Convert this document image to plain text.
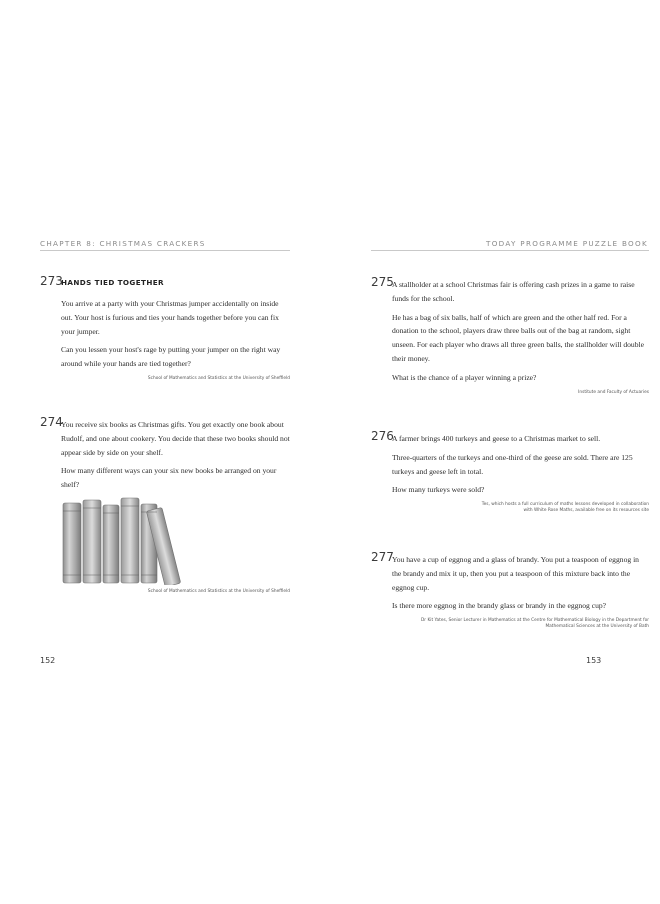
CHAPTER 8: CHRISTMAS CRACKERS
273
HANDS TIED TOGETHER

You arrive at a party with your Christmas jumper accidentally on inside out. Your host is furious and ties your hands together before you can fix your jumper.

Can you lessen your host's rage by putting your jumper on the right way around while your hands are tied together?

School of Mathematics and Statistics at the University of Sheffield
274

You receive six books as Christmas gifts. You get exactly one book about Rudolf, and one about cookery. You decide that these two books should not appear side by side on your shelf.

How many different ways can your six new books be arranged on your shelf?

School of Mathematics and Statistics at the University of Sheffield
152
TODAY PROGRAMME PUZZLE BOOK
275

A stallholder at a school Christmas fair is offering cash prizes in a game to raise funds for the school.

He has a bag of six balls, half of which are green and the other half red. For a donation to the school, players draw three balls out of the bag at random, sight unseen. For each player who draws all three green balls, the stallholder will double their money.

What is the chance of a player winning a prize?

Institute and Faculty of Actuaries
276

A farmer brings 400 turkeys and geese to a Christmas market to sell.

Three-quarters of the turkeys and one-third of the geese are sold. There are 125 turkeys and geese left in total.

How many turkeys were sold?

Tes, which hosts a full curriculum of maths lessons developed in collaboration
with White Rose Maths, available free on its resources site
277

You have a cup of eggnog and a glass of brandy. You put a teaspoon of eggnog in the brandy and mix it up, then you put a teaspoon of this mixture back into the eggnog cup.

Is there more eggnog in the brandy glass or brandy in the eggnog cup?

Dr Kit Yates, Senior Lecturer in Mathematics at the Centre for Mathematical Biology in the Department for
Mathematical Sciences at the University of Bath
153
